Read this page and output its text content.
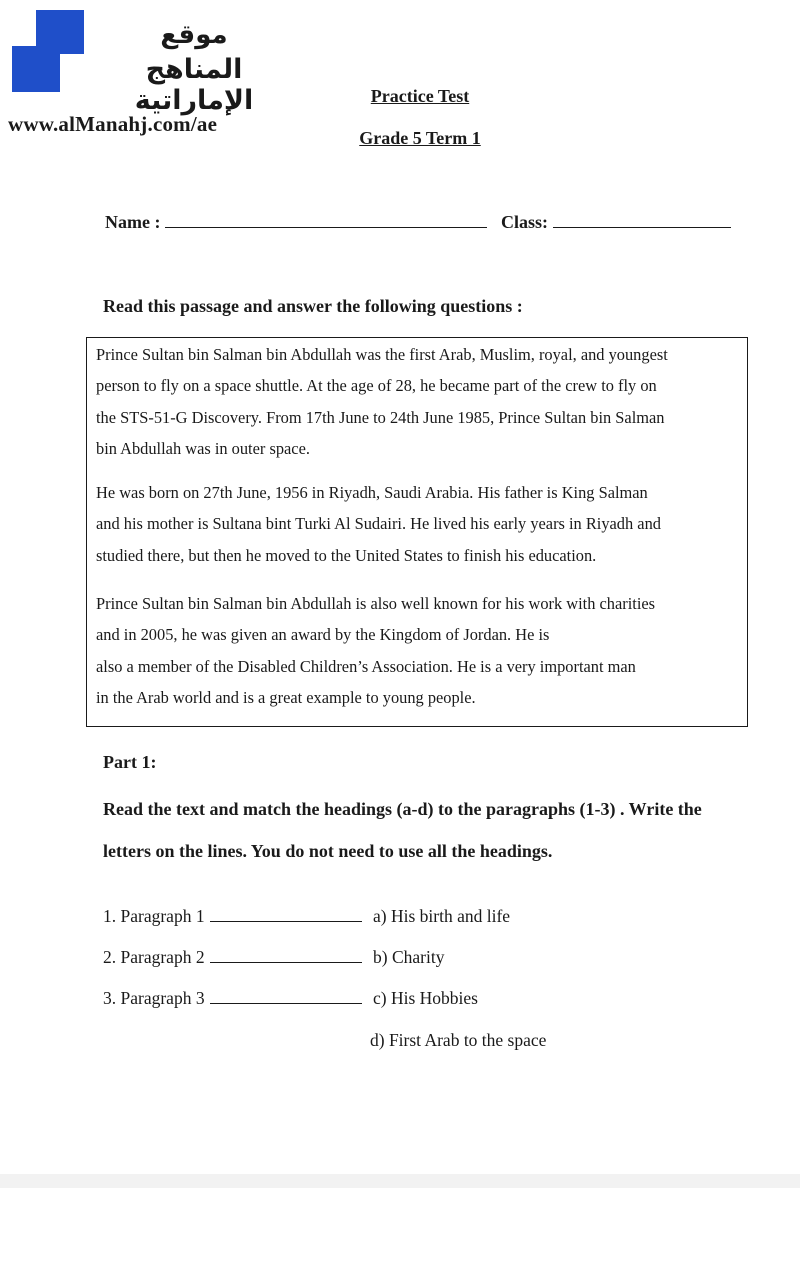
موقع
المناهج الإماراتية
www.alManahj.com/ae
Practice Test
Grade 5 Term 1
Name :	Class:
Read this passage and answer the following questions :

Prince Sultan bin Salman bin Abdullah was the first Arab, Muslim, royal, and youngest
person to fly on a space shuttle. At the age of 28, he became part of the crew to fly on
the STS-51-G Discovery. From 17th June to 24th June 1985, Prince Sultan bin Salman
bin Abdullah was in outer space.

He was born on 27th June, 1956 in Riyadh, Saudi Arabia. His father is King Salman
and his mother is Sultana bint Turki Al Sudairi. He lived his early years in Riyadh and
studied there, but then he moved to the United States to finish his education.

Prince Sultan bin Salman bin Abdullah is also well known for his work with charities
and in 2005, he was given an award by the Kingdom of Jordan. He is
also a member of the Disabled Children’s Association. He is a very important man
in the Arab world and is a great example to young people.

Part 1:
Read the text and match the headings (a-d) to the paragraphs (1-3) . Write the
letters on the lines. You do not need to use all the headings.
1. Paragraph 1
2. Paragraph 2
3. Paragraph 3
a) His birth and life
b) Charity
c) His Hobbies
d) First Arab to the space
